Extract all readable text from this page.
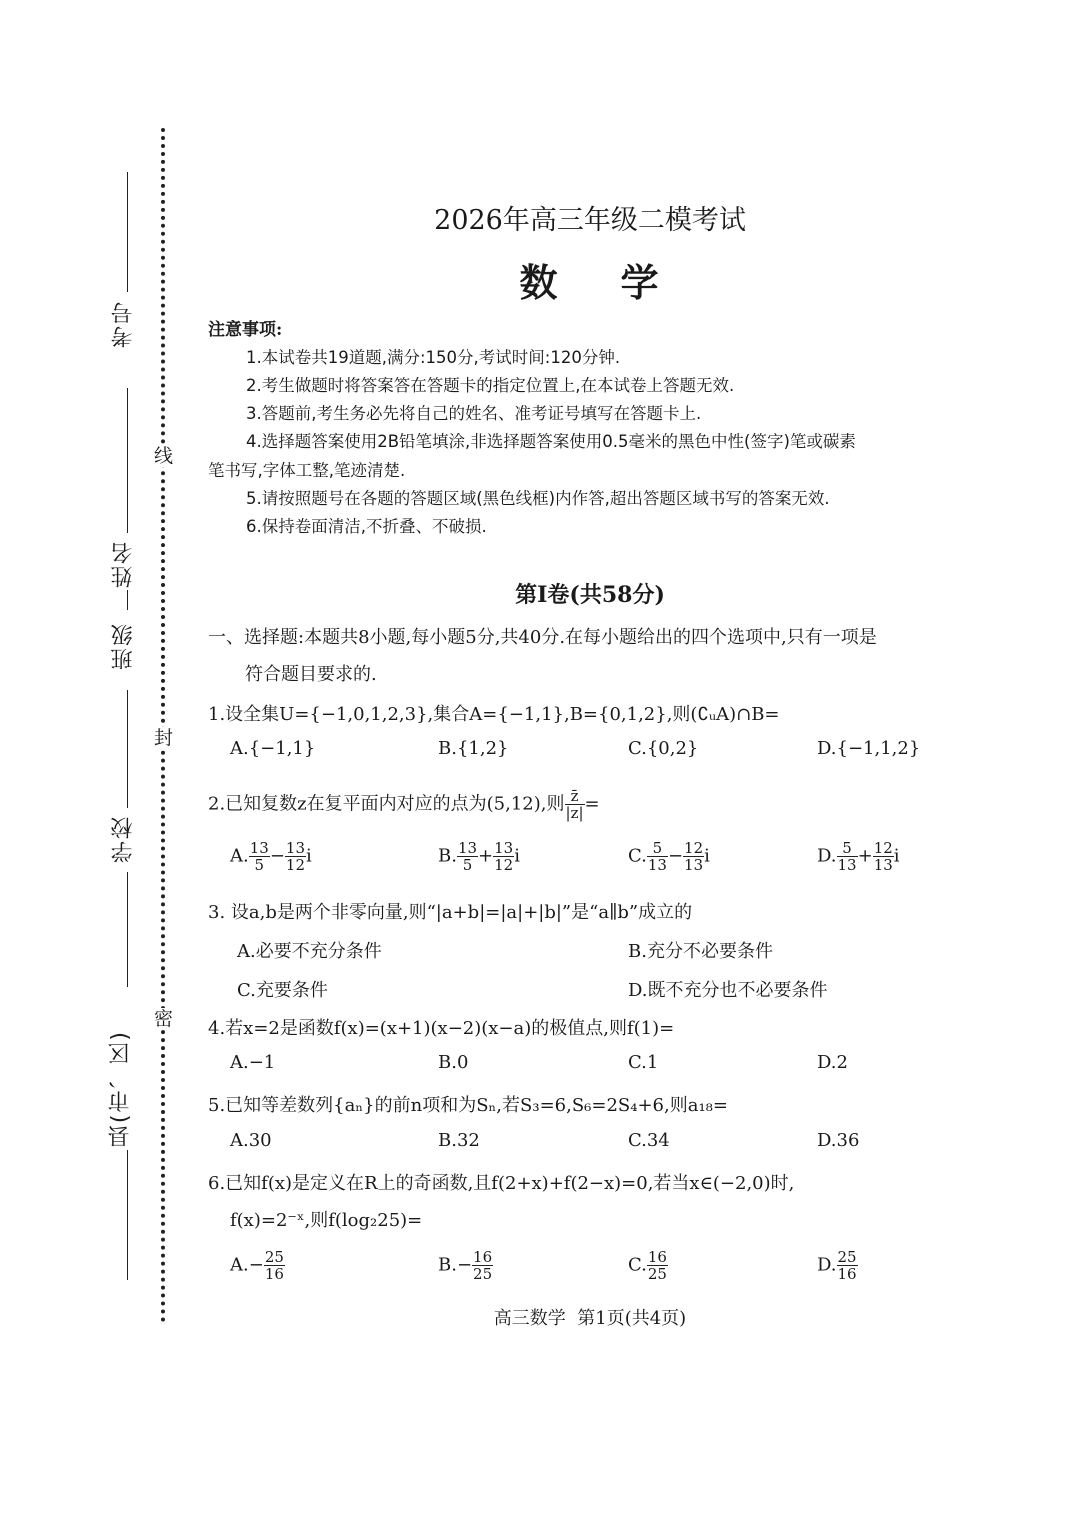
线
封
密
考号
姓名
班级
学校
县(市、区)
2026年高三年级二模考试
数    学
注意事项:
1.本试卷共19道题,满分:150分,考试时间:120分钟.
2.考生做题时将答案答在答题卡的指定位置上,在本试卷上答题无效.
3.答题前,考生务必先将自己的姓名、准考证号填写在答题卡上.
4.选择题答案使用2B铅笔填涂,非选择题答案使用0.5毫米的黑色中性(签字)笔或碳素
笔书写,字体工整,笔迹清楚.
5.请按照题号在各题的答题区域(黑色线框)内作答,超出答题区域书写的答案无效.
6.保持卷面清洁,不折叠、不破损.
第Ⅰ卷(共58分)
一、选择题:本题共8小题,每小题5分,共40分.在每小题给出的四个选项中,只有一项是
符合题目要求的.
1.设全集U={−1,0,1,2,3},集合A={−1,1},B={0,1,2},则(∁ᵤA)∩B=
A.{−1,1}	B.{1,2}	C.{0,2}	D.{−1,1,2}
2.已知复数z在复平面内对应的点为(5,12),则 $\frac{z̄}{|z|}$ =
A. $\frac{13}{5} - \frac{13}{12}$ i	B. $\frac{13}{5} + \frac{13}{12}$ i	C. $\frac{5}{13} - \frac{12}{13}$ i	D. $\frac{5}{13} + \frac{12}{13}$ i
3. 设a,b是两个非零向量,则“|a+b|=|a|+|b|”是“a∥b”成立的
A.必要不充分条件	B.充分不必要条件
C.充要条件	D.既不充分也不必要条件
4.若x=2是函数f(x)=(x+1)(x−2)(x−a)的极值点,则f(1)=
A.−1	B.0	C.1	D.2
5.已知等差数列{aₙ}的前n项和为Sₙ,若S₃=6,S₆=2S₄+6,则a₁₈=
A.30	B.32	C.34	D.36
6.已知f(x)是定义在R上的奇函数,且f(2+x)+f(2−x)=0,若当x∈(−2,0)时,
f(x)=2⁻ˣ,则f(log₂25)=
$A.- \frac{25}{16}$	$B.- \frac{16}{25}$	C. $\frac{16}{25}$	D. $\frac{25}{16}$
高三数学  第1页(共4页)
